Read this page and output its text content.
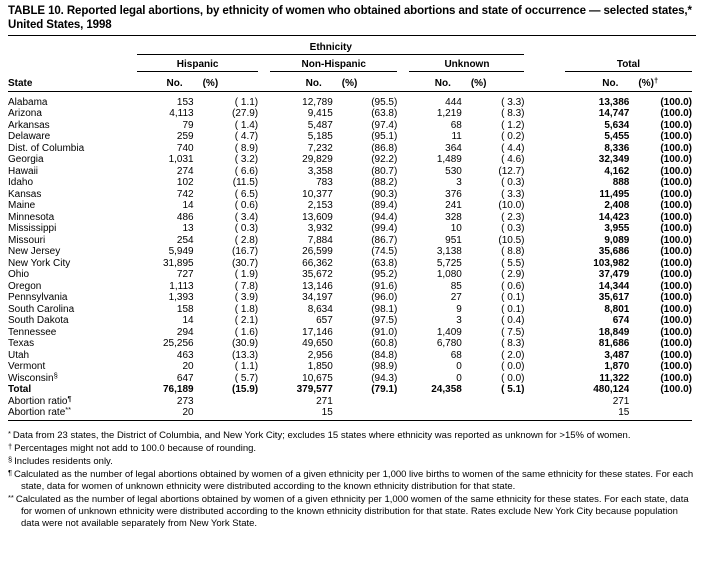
TABLE 10. Reported legal abortions, by ethnicity of women who obtained abortions and state of occurrence — selected states,*
United States, 1998
	Ethnicity										
	Hispanic			Non-Hispanic			Unknown			Total	
State	No.	(%)		No.	(%)		No.	(%)		No.	(%)†
Alabama	153	( 1.1)		12,789	(95.5)		444	( 3.3)		13,386	(100.0)
Arizona	4,113	(27.9)		9,415	(63.8)		1,219	( 8.3)		14,747	(100.0)
Arkansas	79	( 1.4)		5,487	(97.4)		68	( 1.2)		5,634	(100.0)
Delaware	259	( 4.7)		5,185	(95.1)		11	( 0.2)		5,455	(100.0)
Dist. of Columbia	740	( 8.9)		7,232	(86.8)		364	( 4.4)		8,336	(100.0)
Georgia	1,031	( 3.2)		29,829	(92.2)		1,489	( 4.6)		32,349	(100.0)
Hawaii	274	( 6.6)		3,358	(80.7)		530	(12.7)		4,162	(100.0)
Idaho	102	(11.5)		783	(88.2)		3	( 0.3)		888	(100.0)
Kansas	742	( 6.5)		10,377	(90.3)		376	( 3.3)		11,495	(100.0)
Maine	14	( 0.6)		2,153	(89.4)		241	(10.0)		2,408	(100.0)
Minnesota	486	( 3.4)		13,609	(94.4)		328	( 2.3)		14,423	(100.0)
Mississippi	13	( 0.3)		3,932	(99.4)		10	( 0.3)		3,955	(100.0)
Missouri	254	( 2.8)		7,884	(86.7)		951	(10.5)		9,089	(100.0)
New Jersey	5,949	(16.7)		26,599	(74.5)		3,138	( 8.8)		35,686	(100.0)
New York City	31,895	(30.7)		66,362	(63.8)		5,725	( 5.5)		103,982	(100.0)
Ohio	727	( 1.9)		35,672	(95.2)		1,080	( 2.9)		37,479	(100.0)
Oregon	1,113	( 7.8)		13,146	(91.6)		85	( 0.6)		14,344	(100.0)
Pennsylvania	1,393	( 3.9)		34,197	(96.0)		27	( 0.1)		35,617	(100.0)
South Carolina	158	( 1.8)		8,634	(98.1)		9	( 0.1)		8,801	(100.0)
South Dakota	14	( 2.1)		657	(97.5)		3	( 0.4)		674	(100.0)
Tennessee	294	( 1.6)		17,146	(91.0)		1,409	( 7.5)		18,849	(100.0)
Texas	25,256	(30.9)		49,650	(60.8)		6,780	( 8.3)		81,686	(100.0)
Utah	463	(13.3)		2,956	(84.8)		68	( 2.0)		3,487	(100.0)
Vermont	20	( 1.1)		1,850	(98.9)		0	( 0.0)		1,870	(100.0)
Wisconsin§	647	( 5.7)		10,675	(94.3)		0	( 0.0)		11,322	(100.0)
Total	76,189	(15.9)		379,577	(79.1)		24,358	( 5.1)		480,124	(100.0)
Abortion ratio¶	273			271						271	
Abortion rate**	20			15						15	
* Data from 23 states, the District of Columbia, and New York City; excludes 15 states where ethnicity was reported as unknown for >15% of women.
† Percentages might not add to 100.0 because of rounding.
§ Includes residents only.
¶ Calculated as the number of legal abortions obtained by women of a given ethnicity per 1,000 live births to women of the same ethnicity for these states. For each state, data for women of unknown ethnicity were distributed according to the known ethnicity distribution for that state.
** Calculated as the number of legal abortions obtained by women of a given ethnicity per 1,000 women of the same ethnicity for these states. For each state, data for women of unknown ethnicity were distributed according to the known ethnicity distribution for that state. Rates exclude New York City because population data were not available separately from New York State.
